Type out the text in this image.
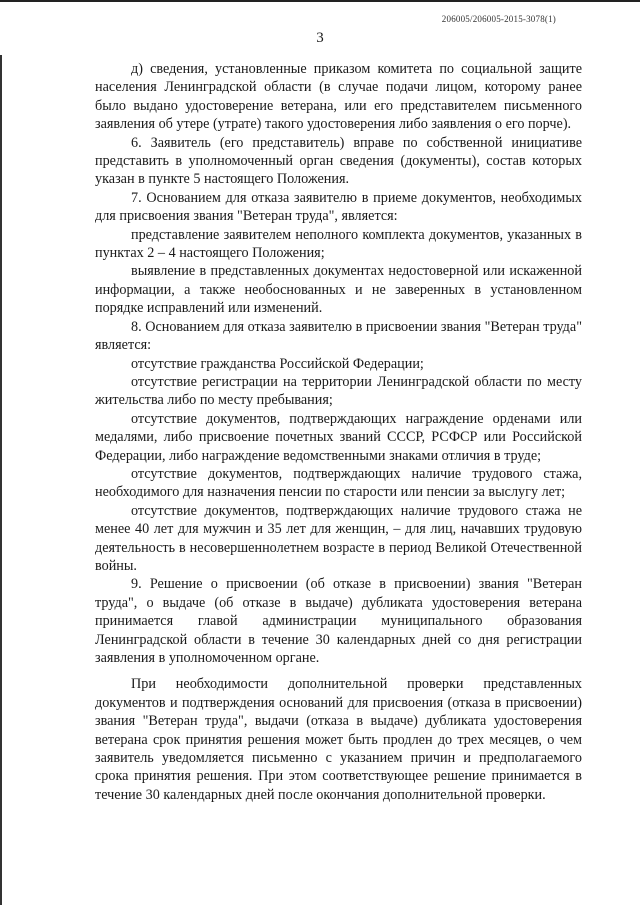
206005/206005-2015-3078(1)
3

д) сведения, установленные приказом комитета по социальной защите населения Ленинградской области (в случае подачи лицом, которому ранее было выдано удостоверение ветерана, или его представителем письменного заявления об утере (утрате) такого удостоверения либо заявления о его порче).

6. Заявитель (его представитель) вправе по собственной инициативе представить в уполномоченный орган сведения (документы), состав которых указан в пункте 5 настоящего Положения.

7. Основанием для отказа заявителю в приеме документов, необходимых для присвоения звания "Ветеран труда", является:

представление заявителем неполного комплекта документов, указанных в пунктах 2 – 4 настоящего Положения;

выявление в представленных документах недостоверной или искаженной информации, а также необоснованных и не заверенных в установленном порядке исправлений или изменений.

8. Основанием для отказа заявителю в присвоении звания "Ветеран труда" является:

отсутствие гражданства Российской Федерации;

отсутствие регистрации на территории Ленинградской области по месту жительства либо по месту пребывания;

отсутствие документов, подтверждающих награждение орденами или медалями, либо присвоение почетных званий СССР, РСФСР или Российской Федерации, либо награждение ведомственными знаками отличия в труде;

отсутствие документов, подтверждающих наличие трудового стажа, необходимого для назначения пенсии по старости или пенсии за выслугу лет;

отсутствие документов, подтверждающих наличие трудового стажа не менее 40 лет для мужчин и 35 лет для женщин, – для лиц, начавших трудовую деятельность в несовершеннолетнем возрасте в период Великой Отечественной войны.

9. Решение о присвоении (об отказе в присвоении) звания "Ветеран труда", о выдаче (об отказе в выдаче) дубликата удостоверения ветерана принимается главой администрации муниципального образования Ленинградской области в течение 30 календарных дней со дня регистрации заявления в уполномоченном органе.

При необходимости дополнительной проверки представленных документов и подтверждения оснований для присвоения (отказа в присвоении) звания "Ветеран труда", выдачи (отказа в выдаче) дубликата удостоверения ветерана срок принятия решения может быть продлен до трех месяцев, о чем заявитель уведомляется письменно с указанием причин и предполагаемого срока принятия решения. При этом соответствующее решение принимается в течение 30 календарных дней после окончания дополнительной проверки.
